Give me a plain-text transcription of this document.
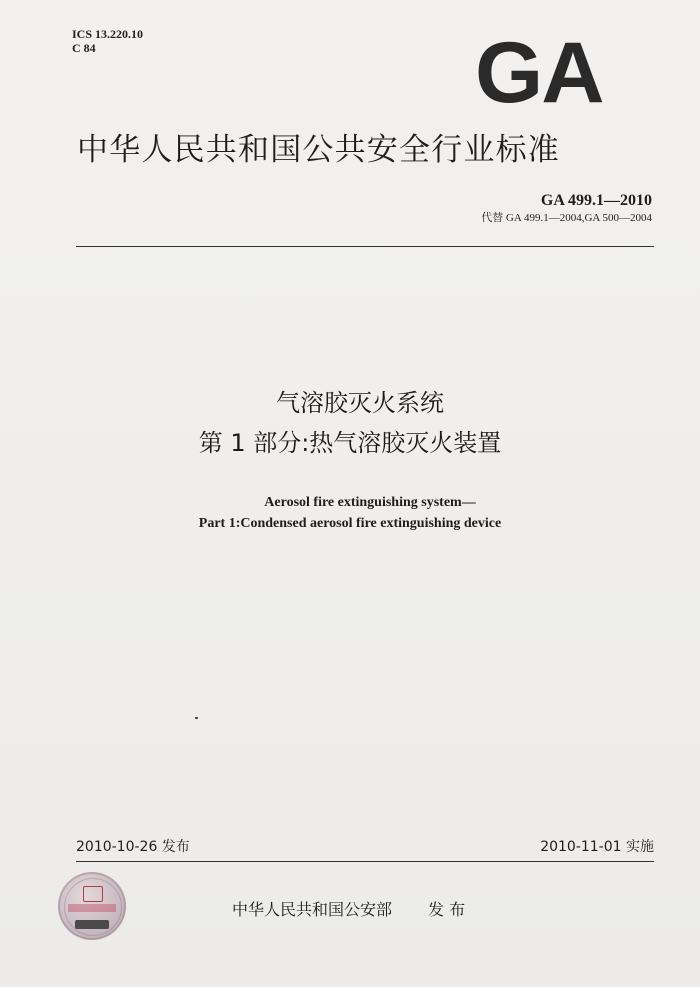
ICS 13.220.10
C 84	GA
中华人民共和国公共安全行业标准
GA 499.1—2010
代替 GA 499.1—2004,GA 500—2004
气溶胶灭火系统
第 1 部分:热气溶胶灭火装置
Aerosol fire extinguishing system—
Part 1:Condensed aerosol fire extinguishing device
2010-10-26 发布	2010-11-01 实施
中华人民共和国公安部 发 布
